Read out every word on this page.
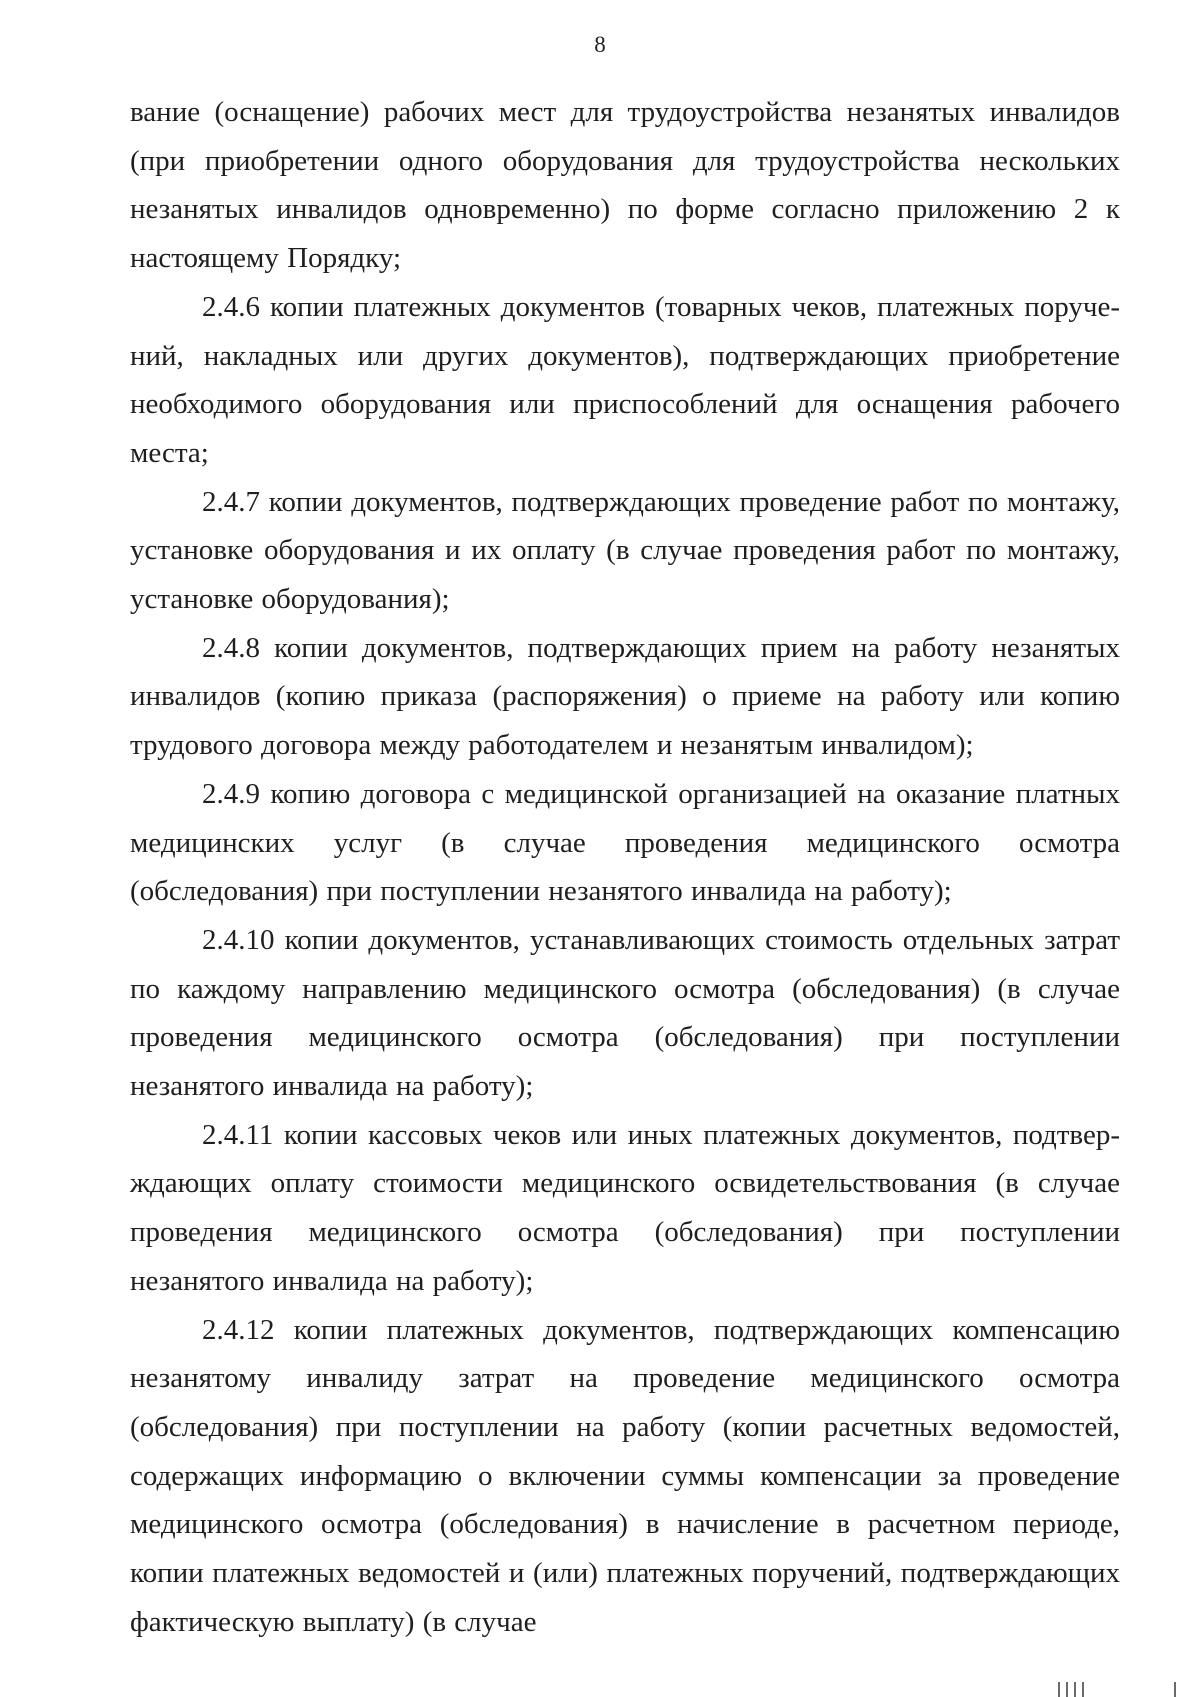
8

вание (оснащение) рабочих мест для трудоустройства незанятых инвалидов (при приобретении одного оборудования для трудоустройства нескольких незанятых инвалидов одновременно) по форме согласно приложению 2 к настоящему Порядку;

2.4.6 копии платежных документов (товарных чеков, платежных поручений, накладных или других документов), подтверждающих приобретение необходимого оборудования или приспособлений для оснащения рабочего места;

2.4.7 копии документов, подтверждающих проведение работ по монтажу, установке оборудования и их оплату (в случае проведения работ по монтажу, установке оборудования);

2.4.8 копии документов, подтверждающих прием на работу незанятых инвалидов (копию приказа (распоряжения) о приеме на работу или копию трудового договора между работодателем и незанятым инвалидом);

2.4.9 копию договора с медицинской организацией на оказание платных медицинских услуг (в случае проведения медицинского осмотра (обследования) при поступлении незанятого инвалида на работу);

2.4.10 копии документов, устанавливающих стоимость отдельных затрат по каждому направлению медицинского осмотра (обследования) (в случае проведения медицинского осмотра (обследования) при поступлении незанятого инвалида на работу);

2.4.11 копии кассовых чеков или иных платежных документов, подтверждающих оплату стоимости медицинского освидетельствования (в случае проведения медицинского осмотра (обследования) при поступлении незанятого инвалида на работу);

2.4.12 копии платежных документов, подтверждающих компенсацию незанятому инвалиду затрат на проведение медицинского осмотра (обследования) при поступлении на работу (копии расчетных ведомостей, содержащих информацию о включении суммы компенсации за проведение медицинского осмотра (обследования) в начисление в расчетном периоде, копии платежных ведомостей и (или) платежных поручений, подтверждающих фактическую выплату) (в случае
